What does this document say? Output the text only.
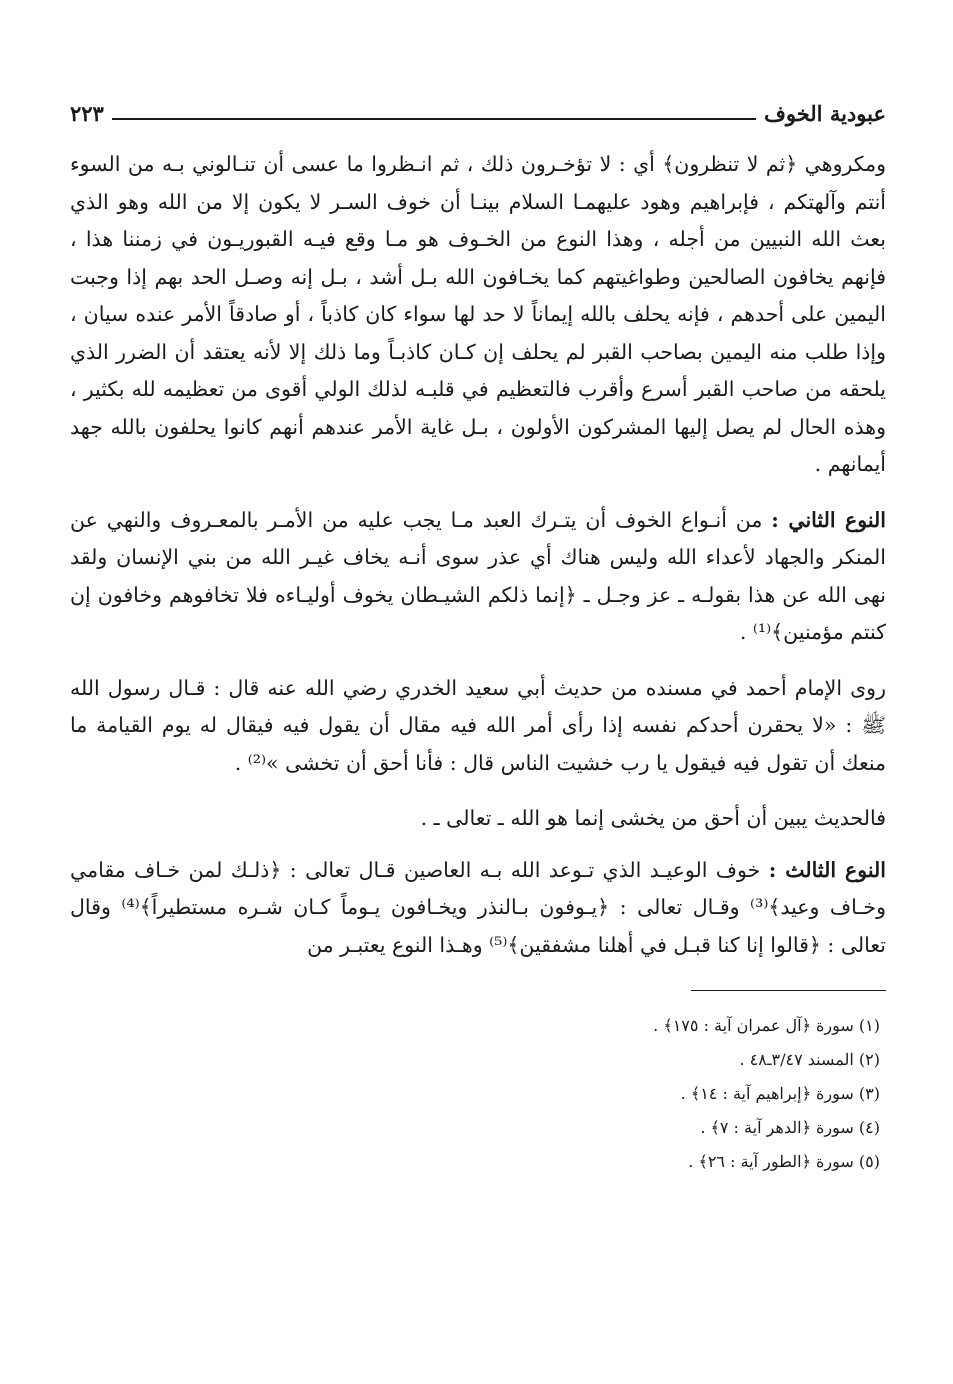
عبودية الخوف
٢٢٣

ومكروهي ﴿ثم لا تنظرون﴾ أي : لا تؤخـرون ذلك ، ثم انـظروا ما عسى أن تنـالوني بـه من السوء أنتم وآلهتكم ، فإبراهيم وهود عليهمـا السلام بينـا أن خوف السـر لا يكون إلا من الله وهو الذي بعث الله النبيين من أجله ، وهذا النوع من الخـوف هو مـا وقع فيـه القبوريـون في زمننا هذا ، فإنهم يخافون الصالحين وطواغيتهم كما يخـافون الله بـل أشد ، بـل إنه وصـل الحد بهم إذا وجبت اليمين على أحدهم ، فإنه يحلف بالله إيماناً لا حد لها سواء كان كاذباً ، أو صادقاً الأمر عنده سيان ، وإذا طلب منه اليمين بصاحب القبر لم يحلف إن كـان كاذبـاً وما ذلك إلا لأنه يعتقد أن الضرر الذي يلحقه من صاحب القبر أسرع وأقرب فالتعظيم في قلبـه لذلك الولي أقوى من تعظيمه لله بكثير ، وهذه الحال لم يصل إليها المشركون الأولون ، بـل غاية الأمر عندهم أنهم كانوا يحلفون بالله جهد أيمانهم .

النوع الثاني : من أنـواع الخوف أن يتـرك العبد مـا يجب عليه من الأمـر بالمعـروف والنهي عن المنكر والجهاد لأعداء الله وليس هناك أي عذر سوى أنـه يخاف غيـر الله من بني الإنسان ولقد نهى الله عن هذا بقولـه ـ عز وجـل ـ ﴿إنما ذلكم الشيـطان يخوف أوليـاءه فلا تخافوهم وخافون إن كنتم مؤمنين﴾⁽¹⁾ .

روى الإمام أحمد في مسنده من حديث أبي سعيد الخدري رضي الله عنه قال : قـال رسول الله ﷺ : «لا يحقرن أحدكم نفسه إذا رأى أمر الله فيه مقال أن يقول فيه فيقال له يوم القيامة ما منعك أن تقول فيه فيقول يا رب خشيت الناس قال : فأنا أحق أن تخشى »⁽²⁾ .

فالحديث يبين أن أحق من يخشى إنما هو الله ـ تعالى ـ .

النوع الثالث : خوف الوعيـد الذي تـوعد الله بـه العاصين قـال تعالى : ﴿ذلـك لمن خـاف مقامي وخـاف وعيد﴾⁽³⁾ وقـال تعالى : ﴿يـوفون بـالنذر ويخـافون يـوماً كـان شـره مستطيراً﴾⁽⁴⁾ وقال تعالى : ﴿قالوا إنا كنا قبـل في أهلنا مشفقين﴾⁽⁵⁾ وهـذا النوع يعتبـر من

(١) سورة ﴿آل عمران آية : ١٧٥﴾ .
(٢) المسند ٣/٤٧ـ٤٨ .
(٣) سورة ﴿إبراهيم آية : ١٤﴾ .
(٤) سورة ﴿الدهر آية : ٧﴾ .
(٥) سورة ﴿الطور آية : ٢٦﴾ .
